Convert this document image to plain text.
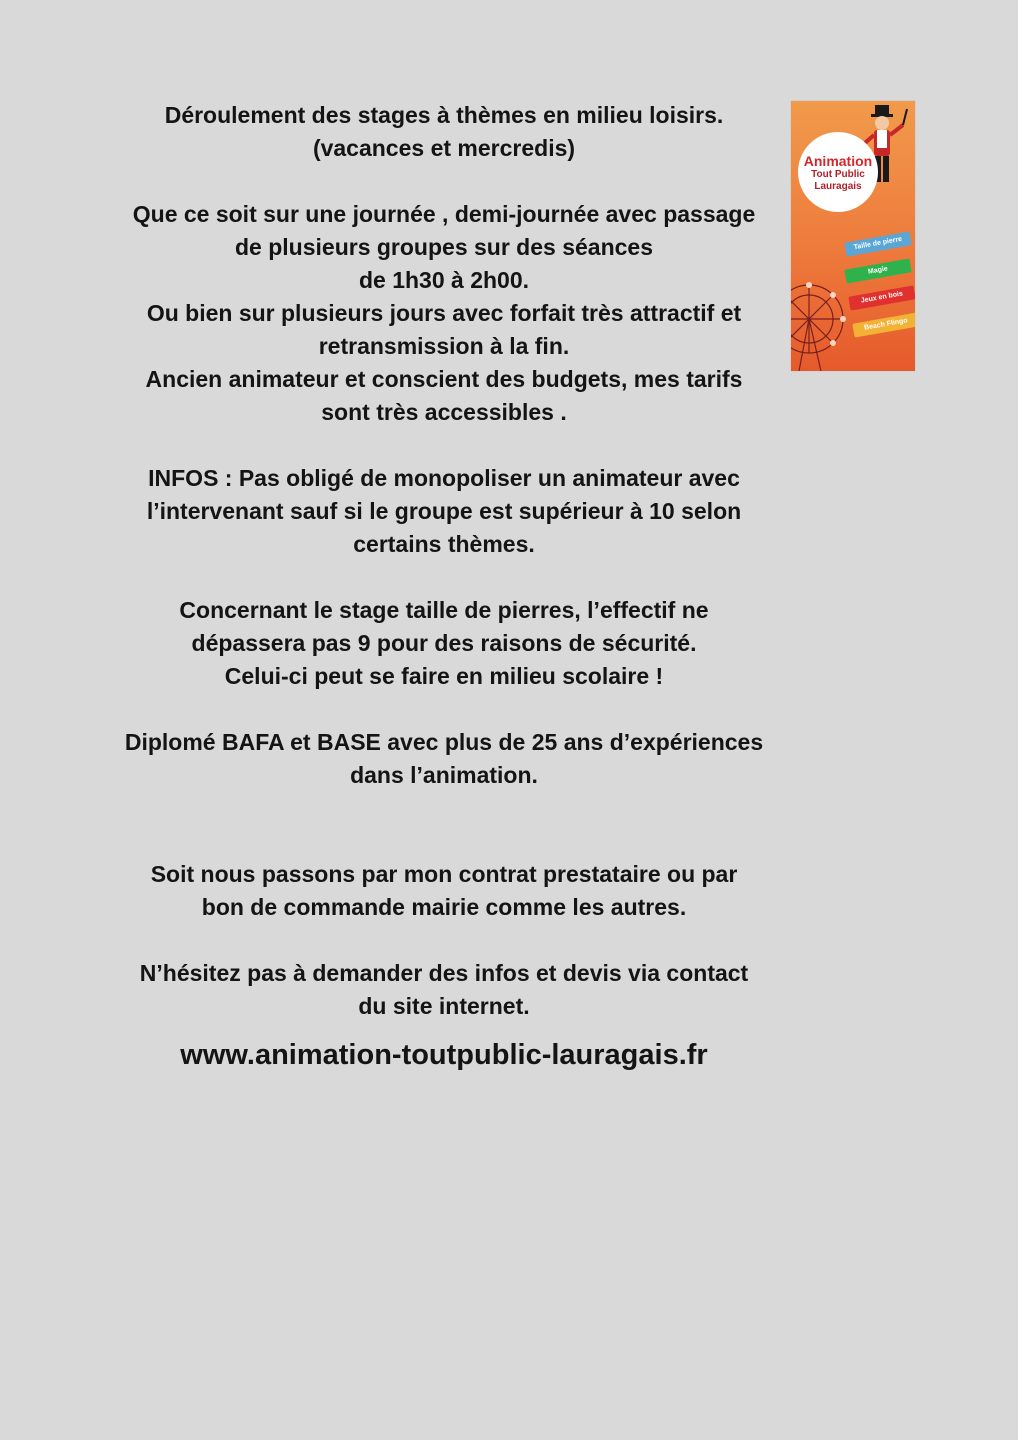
Déroulement des stages à thèmes en milieu loisirs.
(vacances et mercredis)

Que ce soit sur une journée , demi-journée avec passage
de plusieurs groupes sur des séances
de 1h30 à 2h00.
Ou bien sur plusieurs jours avec forfait très attractif et
retransmission à la fin.
Ancien animateur et conscient des budgets, mes tarifs
sont très accessibles .

INFOS : Pas obligé de monopoliser un animateur avec
l’intervenant sauf si le groupe est supérieur à 10 selon
certains thèmes.

Concernant le stage taille de pierres, l’effectif ne
dépassera pas 9 pour des raisons de sécurité.
Celui-ci peut se faire en milieu scolaire !

Diplomé BAFA et BASE avec plus de 25 ans d’expériences
dans l’animation.

Soit nous passons par mon contrat prestataire ou par
bon de commande mairie comme les autres.

N’hésitez pas à demander des infos et devis via contact
du site internet.

www.animation-toutpublic-lauragais.fr

Animation
Tout Public
Lauragais
Taille de pierre
Magie
Jeux en bois
Beach Flingo
